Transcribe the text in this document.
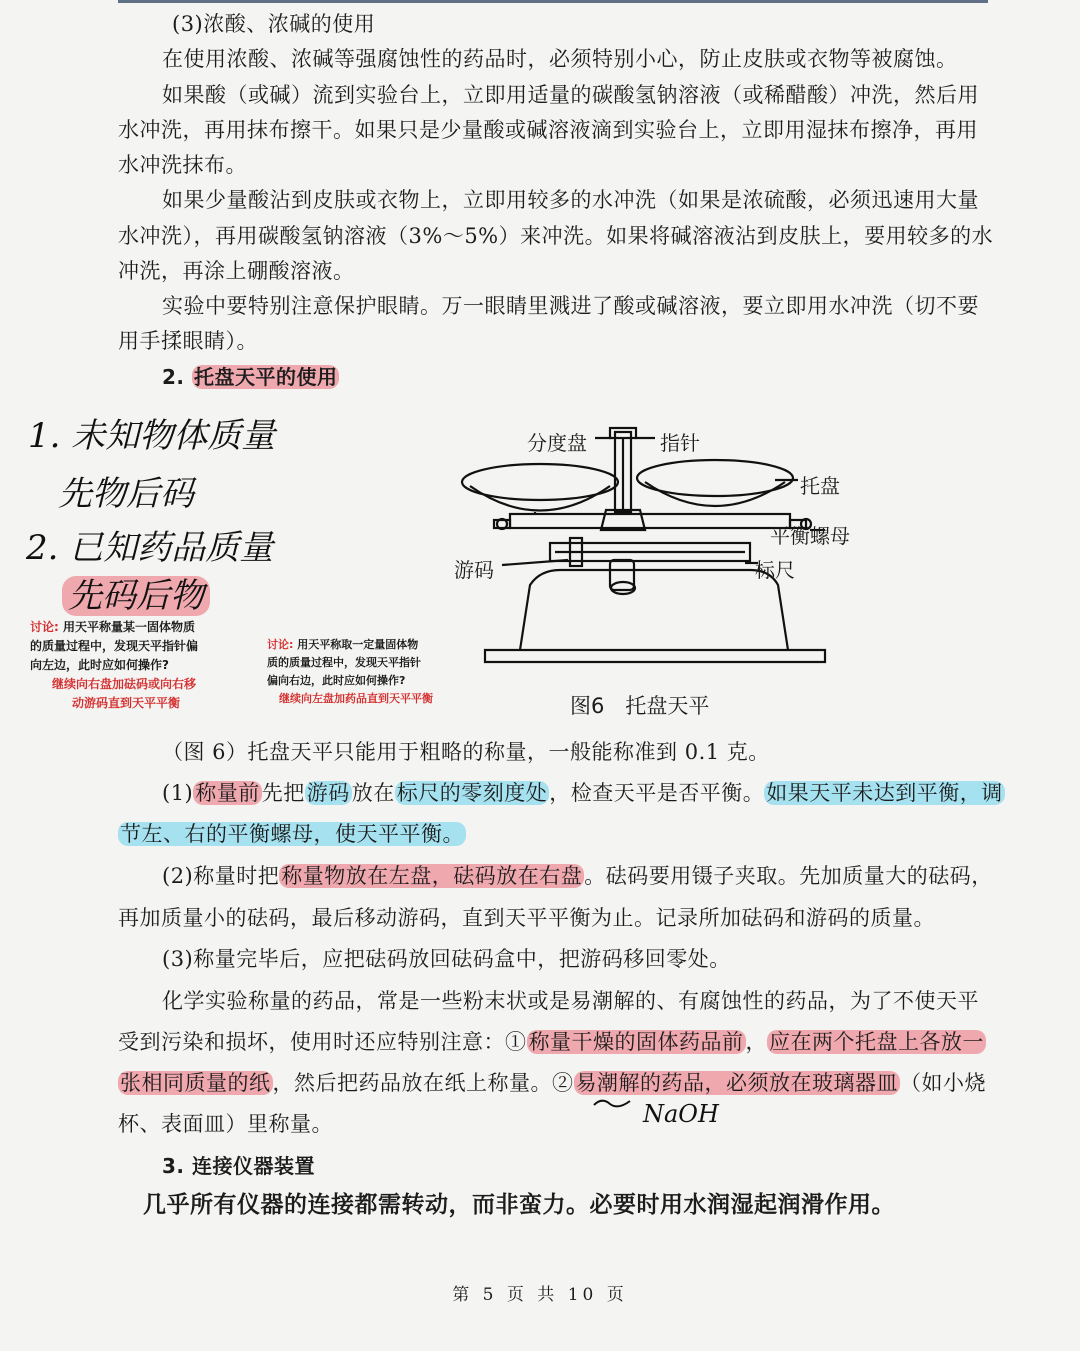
(3)浓酸、浓碱的使用
在使用浓酸、浓碱等强腐蚀性的药品时，必须特别小心，防止皮肤或衣物等被腐蚀。
如果酸（或碱）流到实验台上，立即用适量的碳酸氢钠溶液（或稀醋酸）冲洗，然后用
水冲洗，再用抹布擦干。如果只是少量酸或碱溶液滴到实验台上，立即用湿抹布擦净，再用
水冲洗抹布。
如果少量酸沾到皮肤或衣物上，立即用较多的水冲洗（如果是浓硫酸，必须迅速用大量
水冲洗），再用碳酸氢钠溶液（3%～5%）来冲洗。如果将碱溶液沾到皮肤上，要用较多的水
冲洗，再涂上硼酸溶液。
实验中要特别注意保护眼睛。万一眼睛里溅进了酸或碱溶液，要立即用水冲洗（切不要
用手揉眼睛）。
2. 托盘天平的使用
1. 未知物体质量
先物后码
2. 已知药品质量
先码后物
讨论: 用天平称量某一固体物质
的质量过程中，发现天平指针偏
向左边，此时应如何操作?

继续向右盘加砝码或向右移
动游码直到天平平衡
讨论: 用天平称取一定量固体物
质的质量过程中，发现天平指针
偏向右边，此时应如何操作?

继续向左盘加药品直到天平平衡
分度盘	指针
托盘
平衡螺母
游码	标尺
图6　托盘天平
（图 6）托盘天平只能用于粗略的称量，一般能称准到 0.1 克。
(1)称量前先把游码放在标尺的零刻度处，检查天平是否平衡。如果天平未达到平衡，调
节左、右的平衡螺母，使天平平衡。
(2)称量时把称量物放在左盘，砝码放在右盘。砝码要用镊子夹取。先加质量大的砝码，
再加质量小的砝码，最后移动游码，直到天平平衡为止。记录所加砝码和游码的质量。
(3)称量完毕后，应把砝码放回砝码盒中，把游码移回零处。
化学实验称量的药品，常是一些粉末状或是易潮解的、有腐蚀性的药品，为了不使天平
受到污染和损坏，使用时还应特别注意：①称量干燥的固体药品前，应在两个托盘上各放一
张相同质量的纸，然后把药品放在纸上称量。②易潮解的药品，必须放在玻璃器皿（如小烧
杯、表面皿）里称量。	NaOH
3. 连接仪器装置
几乎所有仪器的连接都需转动，而非蛮力。必要时用水润湿起润滑作用。
第 5 页 共 10 页
